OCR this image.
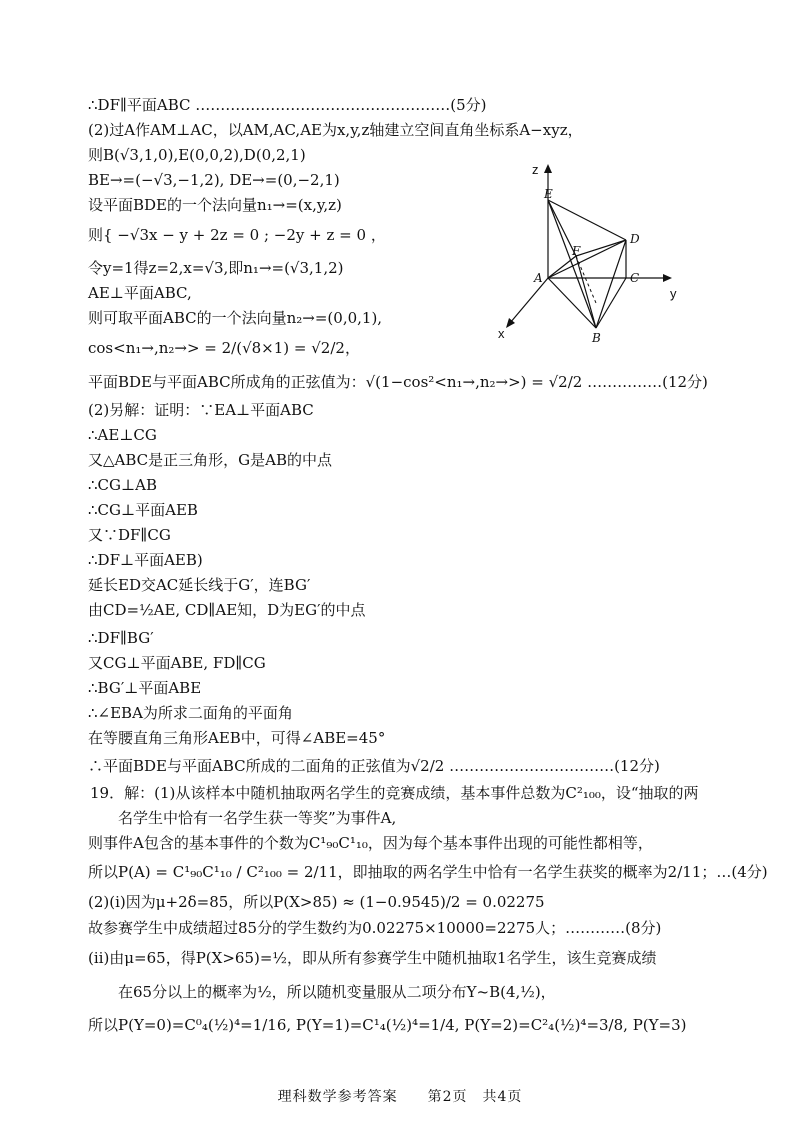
∴DF∥平面ABC ……………………………………………(5分)
(2)过A作AM⊥AC，以AM,AC,AE为x,y,z轴建立空间直角坐标系A−xyz，
则B(√3,1,0),E(0,0,2),D(0,2,1)
BE→=(−√3,−1,2), DE→=(0,−2,1)
设平面BDE的一个法向量n₁→=(x,y,z)
则{ −√3x − y + 2z = 0 ; −2y + z = 0 ，
令y=1得z=2,x=√3,即n₁→=(√3,1,2)
AE⊥平面ABC,
则可取平面ABC的一个法向量n₂→=(0,0,1),
cos<n₁→,n₂→> = 2/(√8×1) = √2/2，
平面BDE与平面ABC所成角的正弦值为：√(1−cos²<n₁→,n₂→>) = √2/2 ……………(12分)
(2)另解：证明：∵EA⊥平面ABC
∴AE⊥CG
又△ABC是正三角形，G是AB的中点
∴CG⊥AB
∴CG⊥平面AEB
又∵DF∥CG
∴DF⊥平面AEB)
延长ED交AC延长线于G′，连BG′
由CD=½AE, CD∥AE知，D为EG′的中点
∴DF∥BG′
又CG⊥平面ABE, FD∥CG
∴BG′⊥平面ABE
∴∠EBA为所求二面角的平面角
在等腰直角三角形AEB中，可得∠ABE=45°
∴平面BDE与平面ABC所成的二面角的正弦值为√2/2 ……………………………(12分)
19．解：(1)从该样本中随机抽取两名学生的竞赛成绩，基本事件总数为C²₁₀₀，设“抽取的两
名学生中恰有一名学生获一等奖”为事件A,
则事件A包含的基本事件的个数为C¹₉₀C¹₁₀，因为每个基本事件出现的可能性都相等，
所以P(A) = C¹₉₀C¹₁₀ / C²₁₀₀ = 2/11，即抽取的两名学生中恰有一名学生获奖的概率为2/11；…(4分)
(2)(ⅰ)因为μ+2δ=85，所以P(X>85) ≈ (1−0.9545)/2 = 0.02275
故参赛学生中成绩超过85分的学生数约为0.02275×10000=2275人；…………(8分)
(ⅱ)由μ=65，得P(X>65)=½，即从所有参赛学生中随机抽取1名学生，该生竞赛成绩
在65分以上的概率为½，所以随机变量服从二项分布Y~B(4,½)，
所以P(Y=0)=C⁰₄(½)⁴=1/16, P(Y=1)=C¹₄(½)⁴=1/4, P(Y=2)=C²₄(½)⁴=3/8, P(Y=3)
z
y
x
E
D
F
A	C
B
理科数学参考答案　　第2页　共4页
